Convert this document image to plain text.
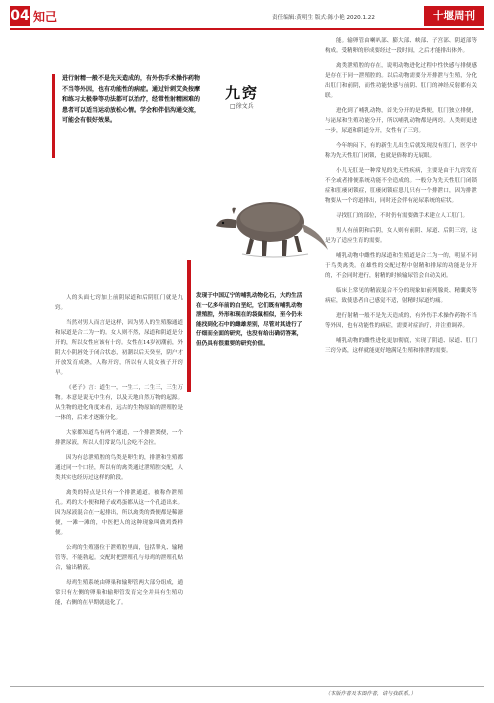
04 知己	责任编辑:黄明生 版式:陈小艳 2020.1.22	十堰周刊
进行射精一般不是先天造成的，有外伤手术操作药物不当等外因，也有功能性的病症。通过针刺艾灸按摩和练习太极拳等功法都可以治疗，经常性射精困难的患者可以适当运动放松心情。学会和伴侣沟通交流，可能会有很好效果。
九窍
□徐文兵
发现于中国辽宁的哺乳动物化石，大约生活在一亿多年前的白垩纪，它们既有哺乳动物泄殖腔，外形和现在的袋鼠相似，至今仍未能找到化石中的雌雄差别，尽管对其进行了仔细而全面的研究，也没有给出确切答案，但仍具有很重要的研究价值。

人的头面七窍加上前阴尿道和后阴肛门就是九窍。

当然对男人而言是这样，因为男人的生殖腺通道和尿道是合二为一的。女人则不然，尿道和阴道是分开的，所以女性应该有十窍。女性在14岁初潮前，外阴大小阴唇处于闭合状态，初潮以后天癸至，阴户才开放发育成熟，人称开窍，所以有人说女孩子开窍早。

《老子》言：道生一，一生二，二生三，三生万物。本意是说无中生有，以及天地自然万物的起源。从生物的进化角度来看，远古的生物原始的泄殖腔是一体的，后来才逐渐分化。

大家都知道鸟有两个通道，一个排泄粪便，一个排泄尿液，所以人们常说鸟儿会吃不会拉。

因为有总泄殖腔的鸟类是卵生的，排泄和生殖都通过同一个口径，所以有的禽类通过泄殖腔交配，人类其实也经历过这样的阶段。

禽类的特点是只有一个排泄通道，被称作泄殖孔。鸡的大小便和精子或鸡蛋都从这一个孔道出来。因为尿液混合在一起排出，所以禽类的粪便都是稀溏便，一滩一滩的，中医把人的这种现象叫做鸡粪样便。

公鸡的生殖器位于泄殖腔里面，包括睾丸、输精管等，不能勃起。交配时把泄殖孔与母鸡的泄殖孔贴合，输出精液。

母鸡生殖系统由卵巢和输卵管两大部分组成，通常只有左侧的卵巢和输卵管发育完全并具有生殖功能，右侧的在早期就退化了。

能。输卵管由喇叭部、膨大部、峡部、子宫部、阴道部等构成。受精卵的形成要经过一段时间，之后才能排出体外。

禽类泄殖腔的存在，说明动物进化过程中性快感与排便感是存在于同一泄殖腔的。以后动物需要分开排泄与生殖，分化出肛门和前阴，而性功能快感与前阴、肛门的神经反射都有关联。

进化到了哺乳动物，首先分开的是粪便，肛门独立排便，与泌尿和生殖功能分开，所以哺乳动物都是两窍。人类则更进一步，尿道和阴道分开，女性有了三窍。

今年纳闷下，有的新生儿出生后就发现没有肛门，医学中称为先天性肛门闭锁，也就是俗称的无屁眼。

小儿无肛是一种常见的先天性疾病，主要是由于九窍发育不全或者排便系统功能不全造成的。一般分为先天性肛门闭锁症和肛瘘闭锁症，肛瘘闭锁症患儿只有一个排泄口，因为排泄物要从一个窍道排出，同时还会伴有泌尿系统的症状。

寻找肛门的部位，不时仍有需要做手术建立人工肛门。

男人有前阴和后阴，女人则有前阴、尿道、后阴三窍，这是为了适应生育的需要。

哺乳动物中雌性的尿道和生殖道是合二为一的，明显不同于鸟类禽类。在雄性的交配过程中射精和排尿的功能是分开的，不会同时进行，射精的时候输尿管会自动关闭。

临床上常见的精液混合不分的现象如前列腺炎、精囊炎等病症，致使患者自己感觉不适，射精时尿道灼痛。

进行射精一般不是先天造成的，有外伤手术操作药物不当等外因，也有功能性的病症，需要对症治疗，并注重调养。

哺乳动物的雌性进化更加彻底，实现了阴道、尿道、肛门三窍分离，这样就能更好地满足生殖和排泄的需要。

（本版作者及本图作者，请与我联系。）
